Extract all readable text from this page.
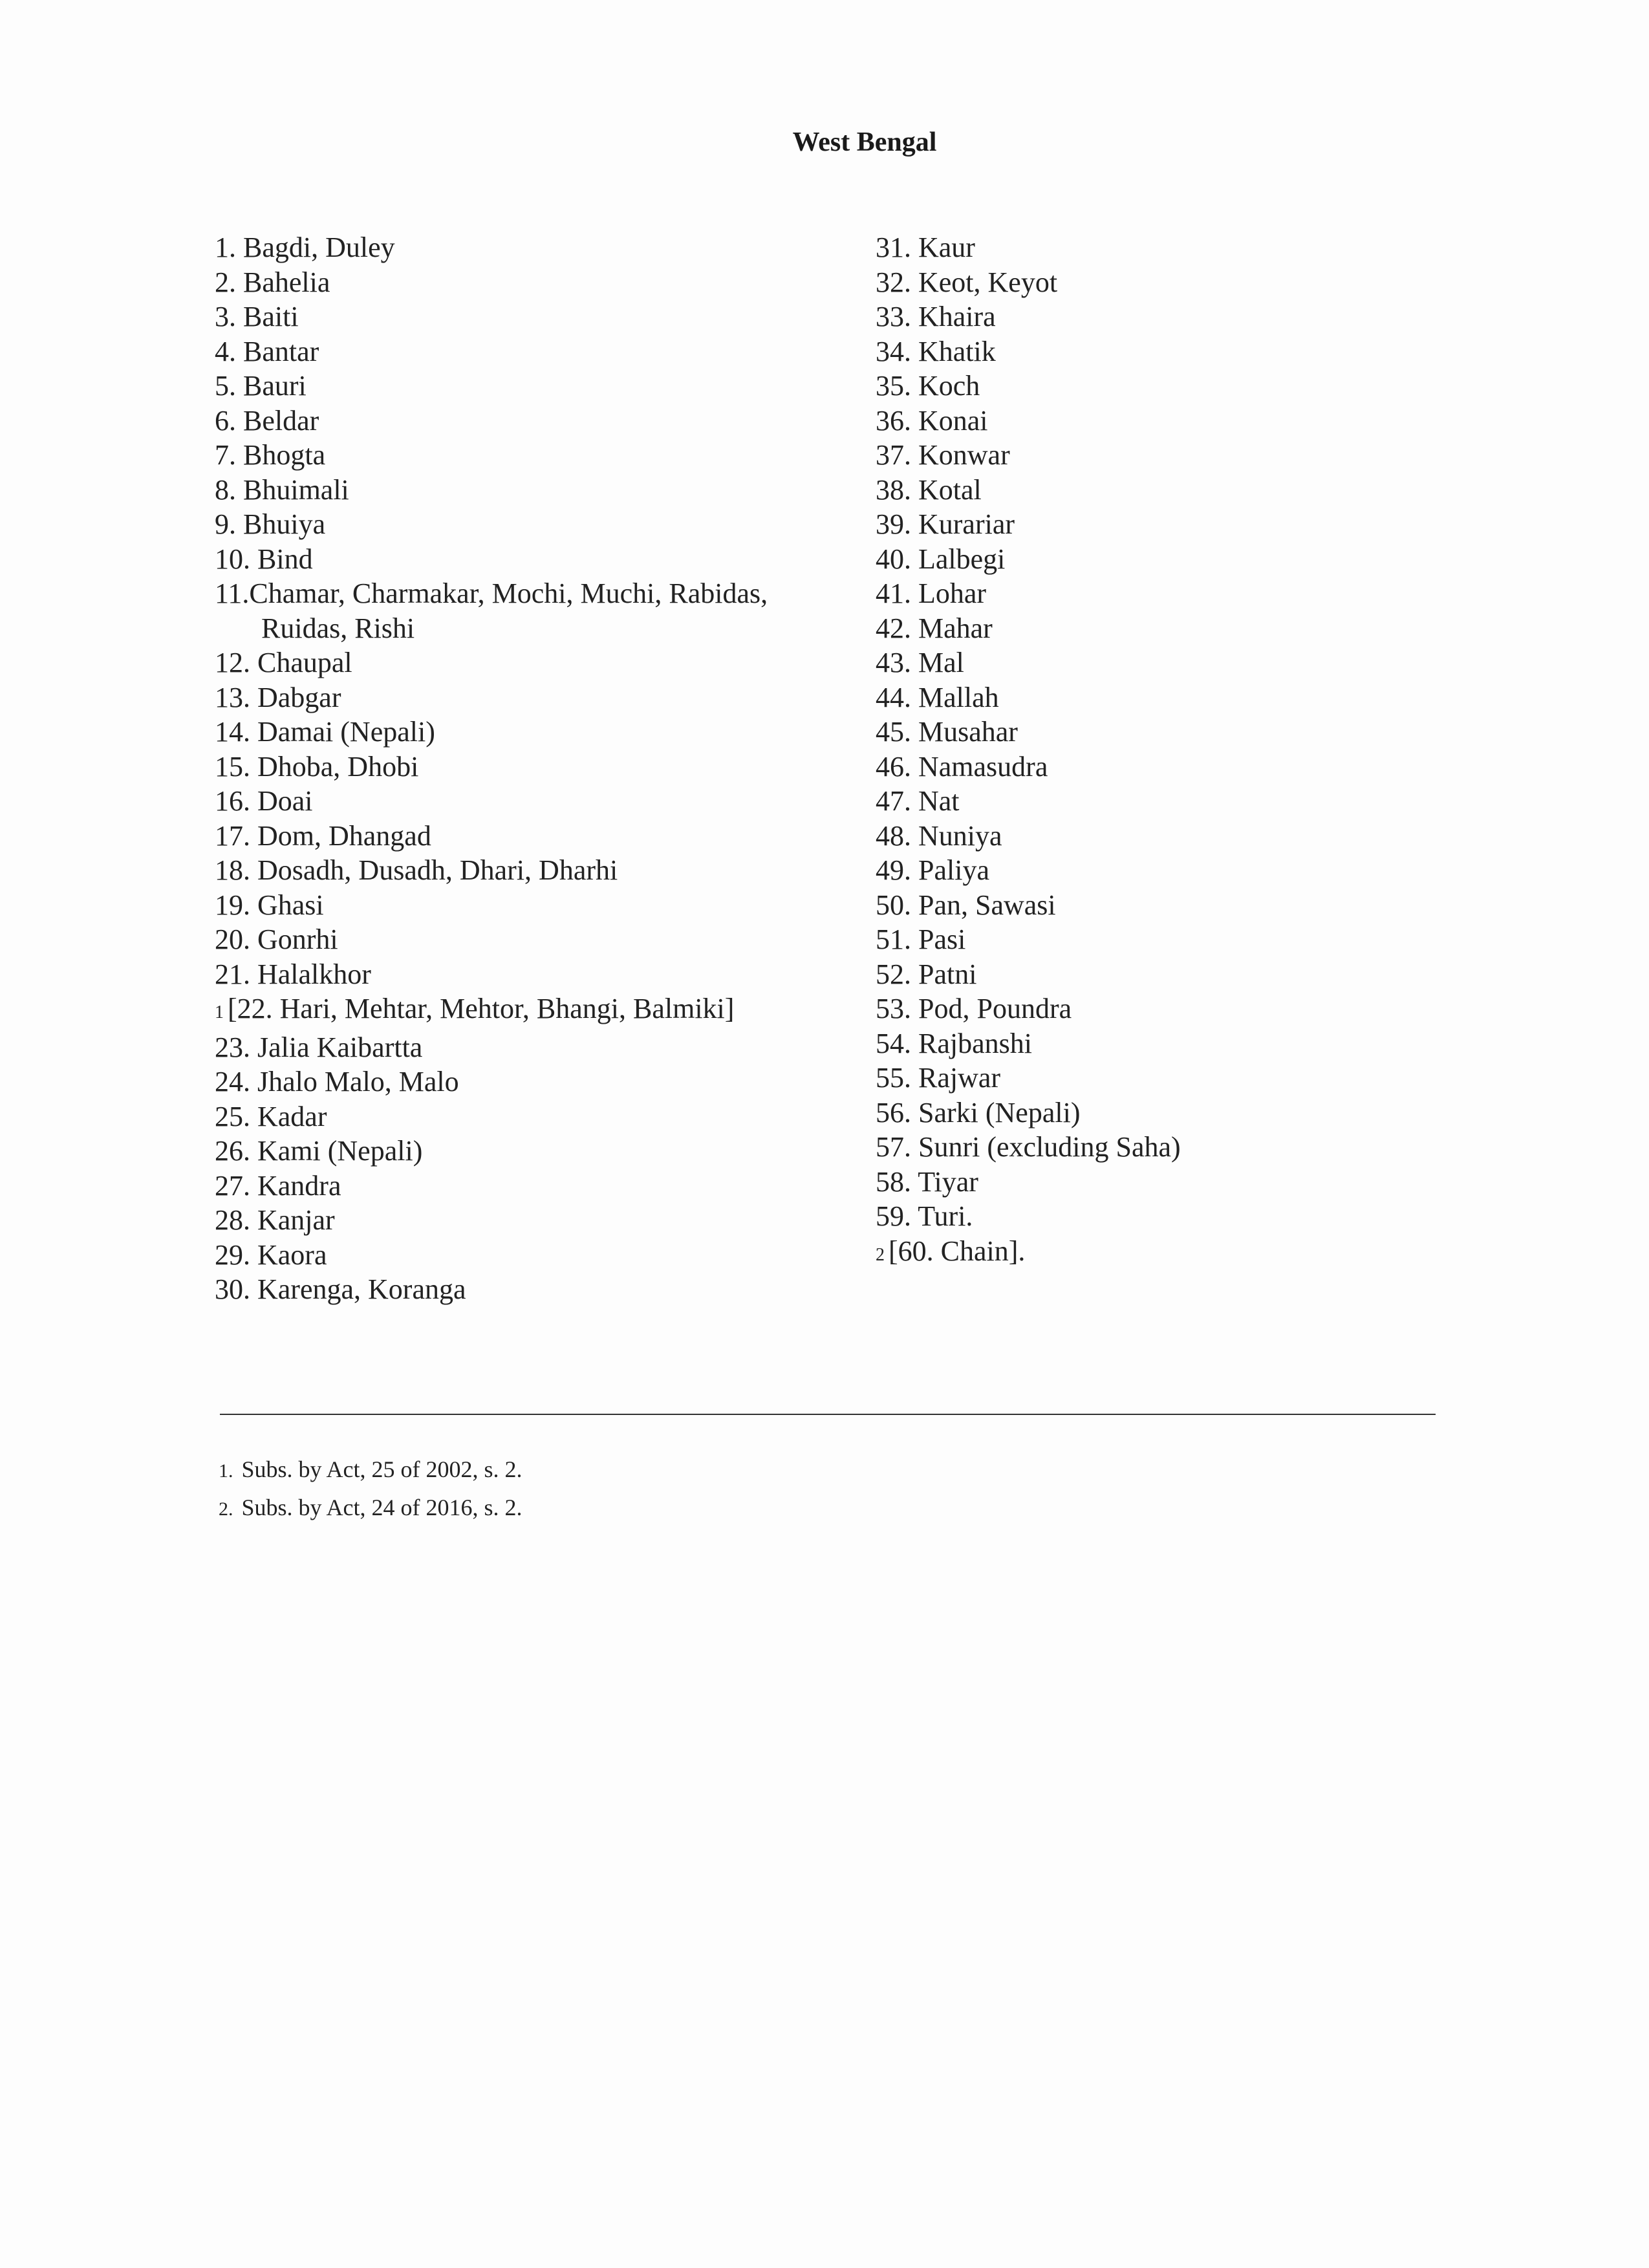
West Bengal
1. Bagdi, Duley
2. Bahelia
3. Baiti
4. Bantar
5. Bauri
6. Beldar
7. Bhogta
8. Bhuimali
9. Bhuiya
10. Bind
11.Chamar, Charmakar, Mochi, Muchi, Rabidas,
Ruidas, Rishi
12. Chaupal
13. Dabgar
14. Damai (Nepali)
15. Dhoba, Dhobi
16. Doai
17. Dom, Dhangad
18. Dosadh, Dusadh, Dhari, Dharhi
19. Ghasi
20. Gonrhi
21. Halalkhor
1 [22. Hari, Mehtar, Mehtor, Bhangi, Balmiki]
23. Jalia Kaibartta
24. Jhalo Malo, Malo
25. Kadar
26. Kami (Nepali)
27. Kandra
28. Kanjar
29. Kaora
30. Karenga, Koranga
31. Kaur
32. Keot, Keyot
33. Khaira
34. Khatik
35. Koch
36. Konai
37. Konwar
38. Kotal
39. Kurariar
40. Lalbegi
41. Lohar
42. Mahar
43. Mal
44. Mallah
45. Musahar
46. Namasudra
47. Nat
48. Nuniya
49. Paliya
50. Pan, Sawasi
51. Pasi
52. Patni
53. Pod, Poundra
54. Rajbanshi
55. Rajwar
56. Sarki (Nepali)
57. Sunri (excluding Saha)
58. Tiyar
59. Turi.
2 [60. Chain].
1. Subs. by Act, 25 of 2002, s. 2.
2. Subs. by Act, 24 of 2016, s. 2.
